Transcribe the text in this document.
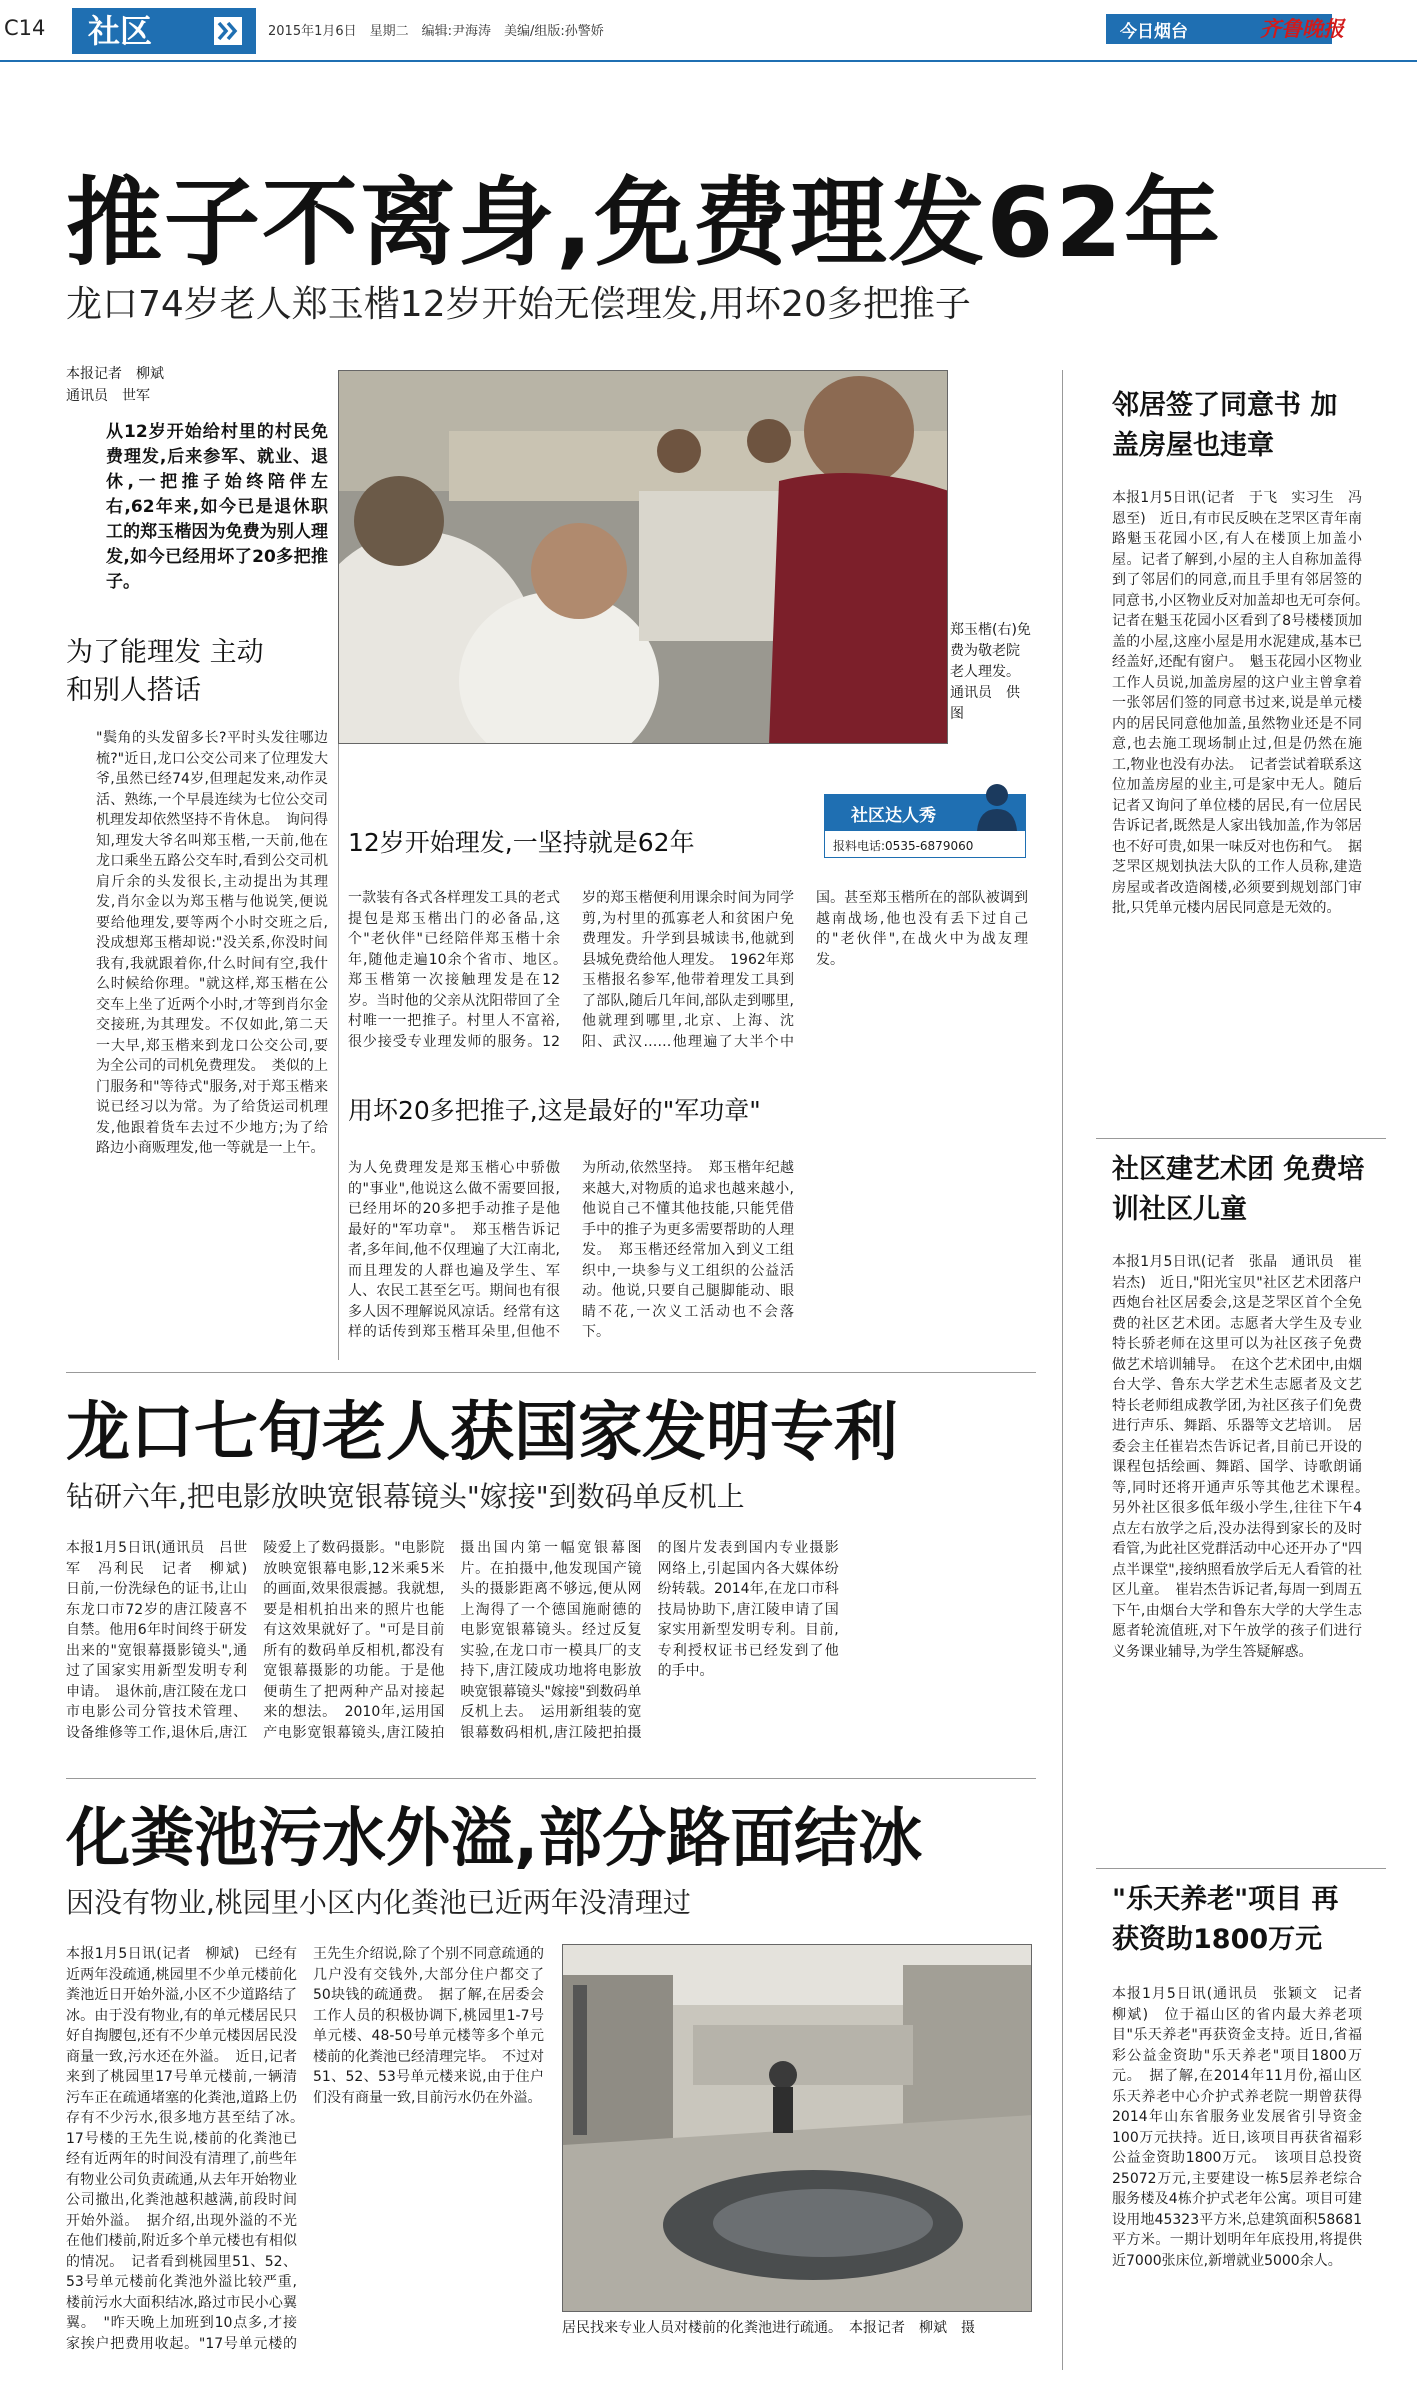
C14 社区	2015年1月6日　星期二　编辑:尹海涛　美编/组版:孙警娇	今日烟台	齐鲁晚报
推子不离身,免费理发62年
龙口74岁老人郑玉楷12岁开始无偿理发,用坏20多把推子
本报记者　柳斌
通讯员　世军
从12岁开始给村里的村民免费理发,后来参军、就业、退休,一把推子始终陪伴左右,62年来,如今已是退休职工的郑玉楷因为免费为别人理发,如今已经用坏了20多把推子。
为了能理发 主动和别人搭话
"鬓角的头发留多长?平时头发往哪边梳?"近日,龙口公交公司来了位理发大爷,虽然已经74岁,但理起发来,动作灵活、熟练,一个早晨连续为七位公交司机理发却依然坚持不肯休息。　询问得知,理发大爷名叫郑玉楷,一天前,他在龙口乘坐五路公交车时,看到公交司机肩斤余的头发很长,主动提出为其理发,肖尔金以为郑玉楷与他说笑,便说要给他理发,要等两个小时交班之后,没成想郑玉楷却说:"没关系,你没时间我有,我就跟着你,什么时间有空,我什么时候给你理。"就这样,郑玉楷在公交车上坐了近两个小时,才等到肖尔金交接班,为其理发。不仅如此,第二天一大早,郑玉楷来到龙口公交公司,要为全公司的司机免费理发。　类似的上门服务和"等待式"服务,对于郑玉楷来说已经习以为常。为了给货运司机理发,他跟着货车去过不少地方;为了给路边小商贩理发,他一等就是一上午。
郑玉楷(右)免费为敬老院老人理发。　通讯员　供图
社区达人秀
报料电话:0535-6879060
12岁开始理发,一坚持就是62年
一款装有各式各样理发工具的老式提包是郑玉楷出门的必备品,这个"老伙伴"已经陪伴郑玉楷十余年,随他走遍10余个省市、地区。　郑玉楷第一次接触理发是在12岁。当时他的父亲从沈阳带回了全村唯一一把推子。村里人不富裕,很少接受专业理发师的服务。12岁的郑玉楷便利用课余时间为同学剪,为村里的孤寡老人和贫困户免费理发。升学到县城读书,他就到县城免费给他人理发。　1962年郑玉楷报名参军,他带着理发工具到了部队,随后几年间,部队走到哪里,他就理到哪里,北京、上海、沈阳、武汉……他理遍了大半个中国。甚至郑玉楷所在的部队被调到越南战场,他也没有丢下过自己的"老伙伴",在战火中为战友理发。
用坏20多把推子,这是最好的"军功章"
为人免费理发是郑玉楷心中骄傲的"事业",他说这么做不需要回报,已经用坏的20多把手动推子是他最好的"军功章"。　郑玉楷告诉记者,多年间,他不仅理遍了大江南北,而且理发的人群也遍及学生、军人、农民工甚至乞丐。期间也有很多人因不理解说风凉话。经常有这样的话传到郑玉楷耳朵里,但他不为所动,依然坚持。　郑玉楷年纪越来越大,对物质的追求也越来越小,他说自己不懂其他技能,只能凭借手中的推子为更多需要帮助的人理发。　郑玉楷还经常加入到义工组织中,一块参与义工组织的公益活动。他说,只要自己腿脚能动、眼睛不花,一次义工活动也不会落下。
龙口七旬老人获国家发明专利
钻研六年,把电影放映宽银幕镜头"嫁接"到数码单反机上
本报1月5日讯(通讯员　吕世军　冯利民　记者　柳斌)　日前,一份洗绿色的证书,让山东龙口市72岁的唐江陵喜不自禁。他用6年时间终于研发出来的"宽银幕摄影镜头",通过了国家实用新型发明专利申请。　退休前,唐江陵在龙口市电影公司分管技术管理、设备维修等工作,退休后,唐江陵爱上了数码摄影。"电影院放映宽银幕电影,12米乘5米的画面,效果很震撼。我就想,要是相机拍出来的照片也能有这效果就好了。"可是目前所有的数码单反相机,都没有宽银幕摄影的功能。于是他便萌生了把两种产品对接起来的想法。　2010年,运用国产电影宽银幕镜头,唐江陵拍摄出国内第一幅宽银幕图片。在拍摄中,他发现国产镜头的摄影距离不够远,便从网上淘得了一个德国施耐德的电影宽银幕镜头。经过反复实验,在龙口市一模具厂的支持下,唐江陵成功地将电影放映宽银幕镜头"嫁接"到数码单反机上去。　运用新组装的宽银幕数码相机,唐江陵把拍摄的图片发表到国内专业摄影网络上,引起国内各大媒体纷纷转载。2014年,在龙口市科技局协助下,唐江陵申请了国家实用新型发明专利。目前,专利授权证书已经发到了他的手中。
化粪池污水外溢,部分路面结冰
因没有物业,桃园里小区内化粪池已近两年没清理过
本报1月5日讯(记者　柳斌)　已经有近两年没疏通,桃园里不少单元楼前化粪池近日开始外溢,小区不少道路结了冰。由于没有物业,有的单元楼居民只好自掏腰包,还有不少单元楼因居民没商量一致,污水还在外溢。　近日,记者来到了桃园里17号单元楼前,一辆清污车正在疏通堵塞的化粪池,道路上仍存有不少污水,很多地方甚至结了冰。　17号楼的王先生说,楼前的化粪池已经有近两年的时间没有清理了,前些年有物业公司负责疏通,从去年开始物业公司撤出,化粪池越积越满,前段时间开始外溢。　据介绍,出现外溢的不光在他们楼前,附近多个单元楼也有相似的情况。　记者看到桃园里51、52、53号单元楼前化粪池外溢比较严重,楼前污水大面积结冰,路过市民小心翼翼。　"昨天晚上加班到10点多,才接家挨户把费用收起。"17号单元楼的王先生介绍说,除了个别不同意疏通的几户没有交钱外,大部分住户都交了50块钱的疏通费。　据了解,在居委会工作人员的积极协调下,桃园里1-7号单元楼、48-50号单元楼等多个单元楼前的化粪池已经清理完毕。　不过对51、52、53号单元楼来说,由于住户们没有商量一致,目前污水仍在外溢。
居民找来专业人员对楼前的化粪池进行疏通。　本报记者　柳斌　摄
邻居签了同意书 加盖房屋也违章
本报1月5日讯(记者　于飞　实习生　冯恩至)　近日,有市民反映在芝罘区青年南路魁玉花园小区,有人在楼顶上加盖小屋。记者了解到,小屋的主人自称加盖得到了邻居们的同意,而且手里有邻居签的同意书,小区物业反对加盖却也无可奈何。　记者在魁玉花园小区看到了8号楼楼顶加盖的小屋,这座小屋是用水泥建成,基本已经盖好,还配有窗户。　魁玉花园小区物业工作人员说,加盖房屋的这户业主曾拿着一张邻居们签的同意书过来,说是单元楼内的居民同意他加盖,虽然物业还是不同意,也去施工现场制止过,但是仍然在施工,物业也没有办法。　记者尝试着联系这位加盖房屋的业主,可是家中无人。随后记者又询问了单位楼的居民,有一位居民告诉记者,既然是人家出钱加盖,作为邻居也不好可贵,如果一味反对也伤和气。　据芝罘区规划执法大队的工作人员称,建造房屋或者改造阁楼,必须要到规划部门审批,只凭单元楼内居民同意是无效的。
社区建艺术团 免费培训社区儿童
本报1月5日讯(记者　张晶　通讯员　崔岩杰)　近日,"阳光宝贝"社区艺术团落户西炮台社区居委会,这是芝罘区首个全免费的社区艺术团。志愿者大学生及专业特长骄老师在这里可以为社区孩子免费做艺术培训辅导。　在这个艺术团中,由烟台大学、鲁东大学艺术生志愿者及文艺特长老师组成教学团,为社区孩子们免费进行声乐、舞蹈、乐器等文艺培训。　居委会主任崔岩杰告诉记者,目前已开设的课程包括绘画、舞蹈、国学、诗歌朗诵等,同时还将开通声乐等其他艺术课程。　另外社区很多低年级小学生,往往下午4点左右放学之后,没办法得到家长的及时看管,为此社区党群活动中心还开办了"四点半课堂",接纳照看放学后无人看管的社区儿童。　崔岩杰告诉记者,每周一到周五下午,由烟台大学和鲁东大学的大学生志愿者轮流值班,对下午放学的孩子们进行义务课业辅导,为学生答疑解惑。
"乐天养老"项目 再获资助1800万元
本报1月5日讯(通讯员　张颖文　记者　柳斌)　位于福山区的省内最大养老项目"乐天养老"再获资金支持。近日,省福彩公益金资助"乐天养老"项目1800万元。　据了解,在2014年11月份,福山区乐天养老中心介护式养老院一期曾获得2014年山东省服务业发展省引导资金100万元扶持。近日,该项目再获省福彩公益金资助1800万元。　该项目总投资25072万元,主要建设一栋5层养老综合服务楼及4栋介护式老年公寓。项目可建设用地45323平方米,总建筑面积58681平方米。一期计划明年年底投用,将提供近7000张床位,新增就业5000余人。
